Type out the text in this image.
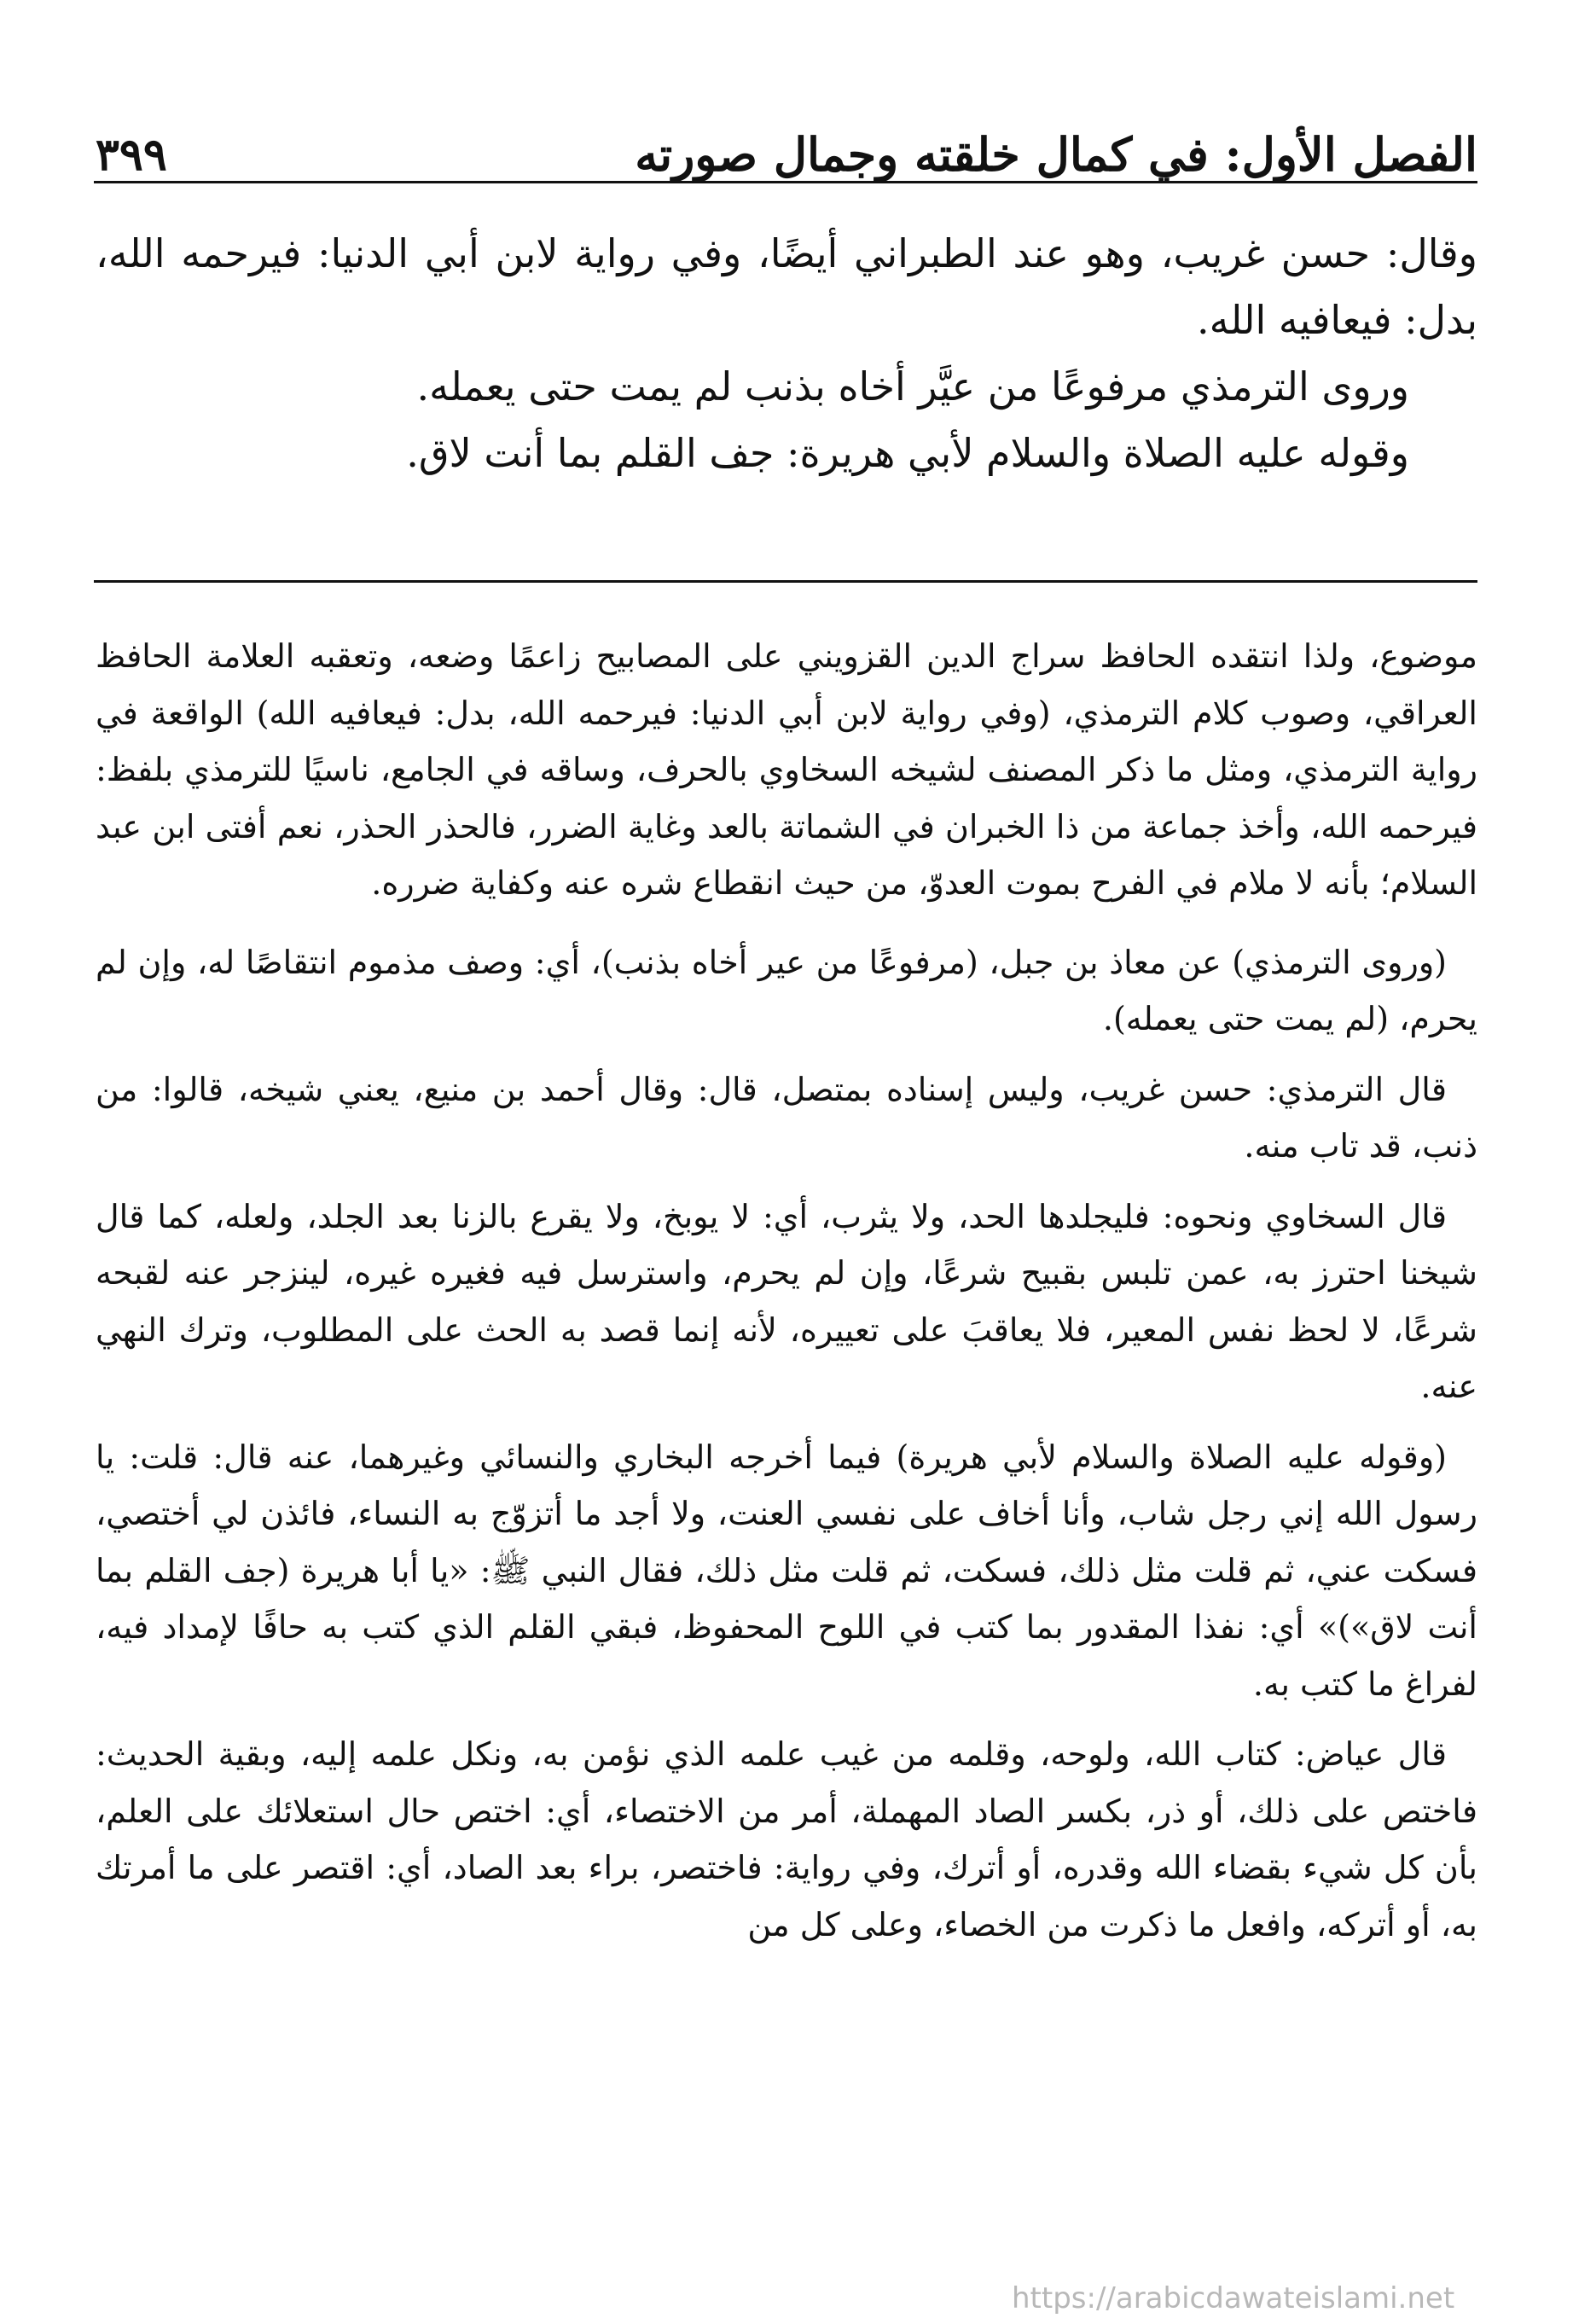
الفصل الأول: في كمال خلقته وجمال صورته
٣٩٩

وقال: حسن غريب، وهو عند الطبراني أيضًا، وفي رواية لابن أبي الدنيا: فيرحمه الله، بدل: فيعافيه الله.

وروى الترمذي مرفوعًا من عيَّر أخاه بذنب لم يمت حتى يعمله.

وقوله عليه الصلاة والسلام لأبي هريرة: جف القلم بما أنت لاق.

موضوع، ولذا انتقده الحافظ سراج الدين القزويني على المصابيح زاعمًا وضعه، وتعقبه العلامة الحافظ العراقي، وصوب كلام الترمذي، (وفي رواية لابن أبي الدنيا: فيرحمه الله، بدل: فيعافيه الله) الواقعة في رواية الترمذي، ومثل ما ذكر المصنف لشيخه السخاوي بالحرف، وساقه في الجامع، ناسيًا للترمذي بلفظ: فيرحمه الله، وأخذ جماعة من ذا الخبران في الشماتة بالعد وغاية الضرر، فالحذر الحذر، نعم أفتى ابن عبد السلام؛ بأنه لا ملام في الفرح بموت العدوّ، من حيث انقطاع شره عنه وكفاية ضرره.

(وروى الترمذي) عن معاذ بن جبل، (مرفوعًا من عير أخاه بذنب)، أي: وصف مذموم انتقاصًا له، وإن لم يحرم، (لم يمت حتى يعمله).

قال الترمذي: حسن غريب، وليس إسناده بمتصل، قال: وقال أحمد بن منيع، يعني شيخه، قالوا: من ذنب، قد تاب منه.

قال السخاوي ونحوه: فليجلدها الحد، ولا يثرب، أي: لا يوبخ، ولا يقرع بالزنا بعد الجلد، ولعله، كما قال شيخنا احترز به، عمن تلبس بقبيح شرعًا، وإن لم يحرم، واسترسل فيه فغيره غيره، لينزجر عنه لقبحه شرعًا، لا لحظ نفس المعير، فلا يعاقبَ على تعييره، لأنه إنما قصد به الحث على المطلوب، وترك النهي عنه.

(وقوله عليه الصلاة والسلام لأبي هريرة) فيما أخرجه البخاري والنسائي وغيرهما، عنه قال: قلت: يا رسول الله إني رجل شاب، وأنا أخاف على نفسي العنت، ولا أجد ما أتزوّج به النساء، فائذن لي أختصي، فسكت عني، ثم قلت مثل ذلك، فسكت، ثم قلت مثل ذلك، فقال النبي ﷺ: «يا أبا هريرة (جف القلم بما أنت لاق»)» أي: نفذا المقدور بما كتب في اللوح المحفوظ، فبقي القلم الذي كتب به حافًا لإمداد فيه، لفراغ ما كتب به.

قال عياض: كتاب الله، ولوحه، وقلمه من غيب علمه الذي نؤمن به، ونكل علمه إليه، وبقية الحديث: فاختص على ذلك، أو ذر، بكسر الصاد المهملة، أمر من الاختصاء، أي: اختص حال استعلائك على العلم، بأن كل شيء بقضاء الله وقدره، أو أترك، وفي رواية: فاختصر، براء بعد الصاد، أي: اقتصر على ما أمرتك به، أو أتركه، وافعل ما ذكرت من الخصاء، وعلى كل من

https://arabicdawateislami.net
